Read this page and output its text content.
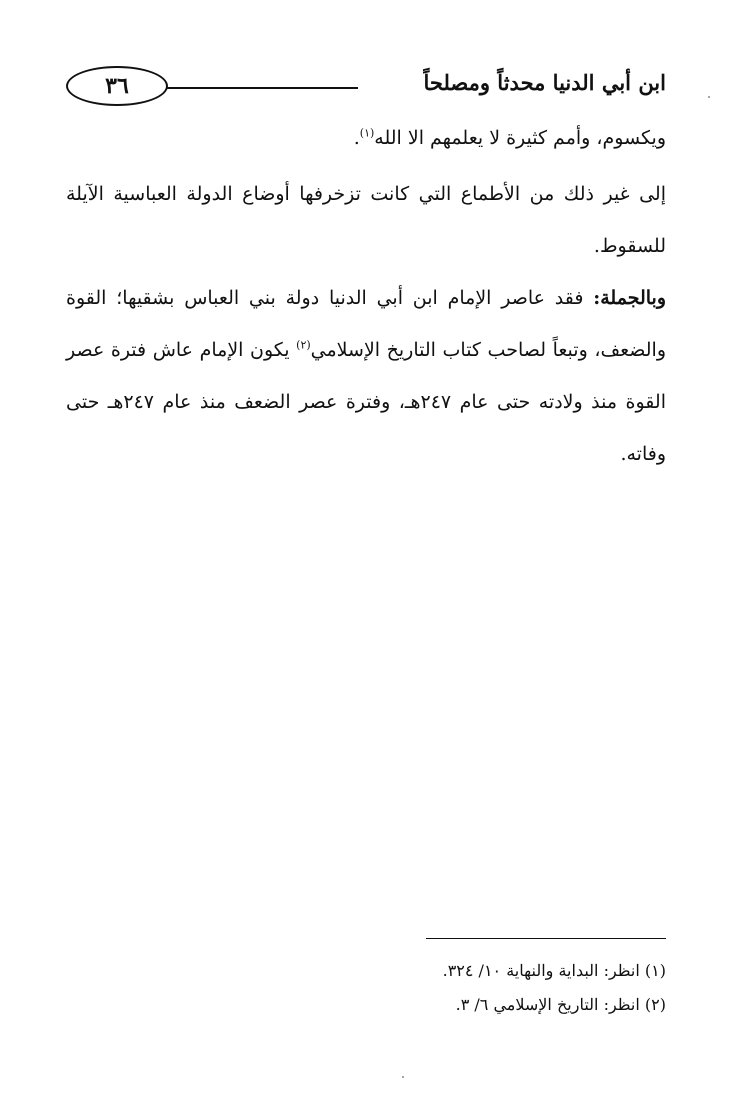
٣٦	ابن أبي الدنيا محدثاً ومصلحاً

ويكسوم، وأمم كثيرة لا يعلمهم الا الله$^{(١)}$.

إلى غير ذلك من الأطماع التي كانت تزخرفها أوضاع الدولة العباسية الآيلة للسقوط.

وبالجملة: فقد عاصر الإمام ابن أبي الدنيا دولة بني العباس بشقيها؛ القوة والضعف، وتبعاً لصاحب كتاب التاريخ الإسلامي$^{(٢)}$ يكون الإمام عاش فترة عصر القوة منذ ولادته حتى عام ٢٤٧هـ، وفترة عصر الضعف منذ عام ٢٤٧هـ حتى وفاته.

(١) انظر: البداية والنهاية ١٠/ ٣٢٤.
(٢) انظر: التاريخ الإسلامي ٦/ ٣.
